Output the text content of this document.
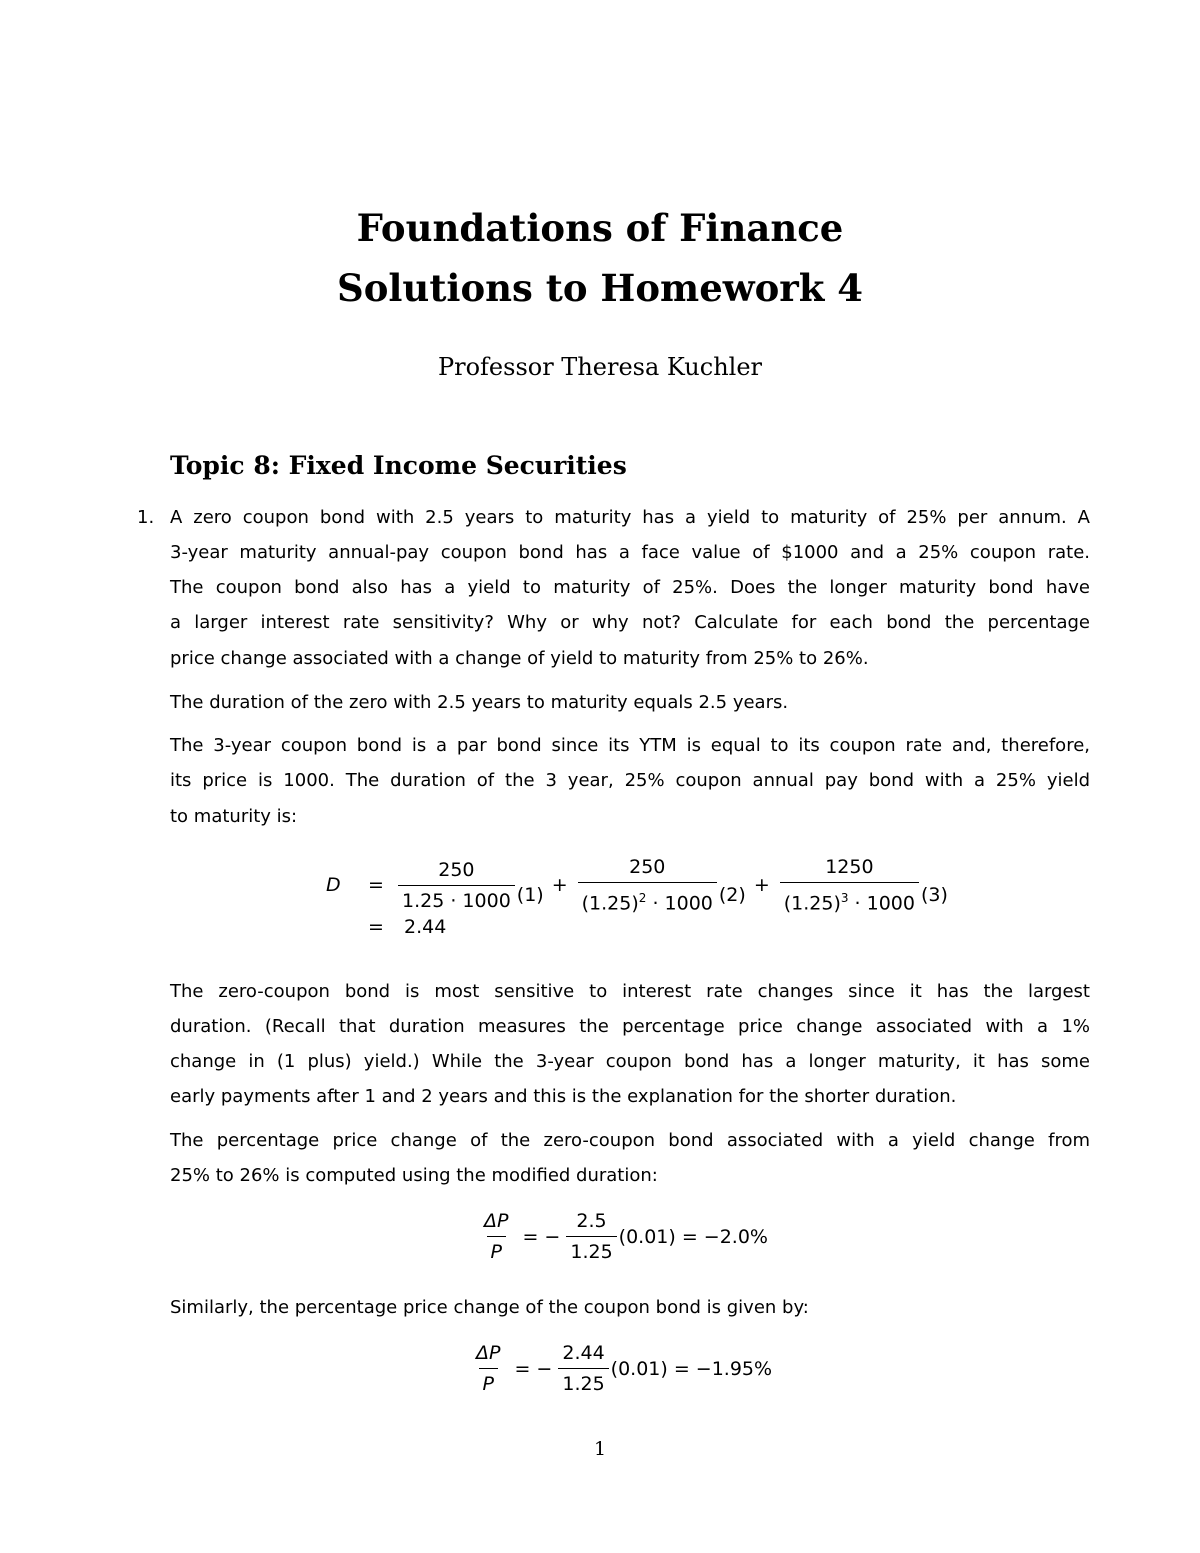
Foundations of Finance
Solutions to Homework 4
Professor Theresa Kuchler
Topic 8: Fixed Income Securities
1. A zero coupon bond with 2.5 years to maturity has a yield to maturity of 25% per annum. A
3-year maturity annual-pay coupon bond has a face value of $1000 and a 25% coupon rate.
The coupon bond also has a yield to maturity of 25%. Does the longer maturity bond have
a larger interest rate sensitivity? Why or why not? Calculate for each bond the percentage
price change associated with a change of yield to maturity from 25% to 26%.
The duration of the zero with 2.5 years to maturity equals 2.5 years.
The 3-year coupon bond is a par bond since its YTM is equal to its coupon rate and, therefore,
its price is 1000. The duration of the 3 year, 25% coupon annual pay bond with a 25% yield
to maturity is:
D	= $\frac{250}{1.25 \cdot 1000} (1) + \frac{250}{(1.25)^2 \cdot 1000} (2) + \frac{1250}{(1.25)^3 \cdot 1000} (3)$
=	2.44
The zero-coupon bond is most sensitive to interest rate changes since it has the largest
duration. (Recall that duration measures the percentage price change associated with a 1%
change in (1 plus) yield.) While the 3-year coupon bond has a longer maturity, it has some
early payments after 1 and 2 years and this is the explanation for the shorter duration.
The percentage price change of the zero-coupon bond associated with a yield change from
25% to 26% is computed using the modified duration:
$\frac{\Delta P}{P}$ = − $\frac{2.5}{1.25} (0.01) = -2.0\%$
Similarly, the percentage price change of the coupon bond is given by:
$\frac{\Delta P}{P}$ = − $\frac{2.44}{1.25} (0.01) = -1.95\%$
1
